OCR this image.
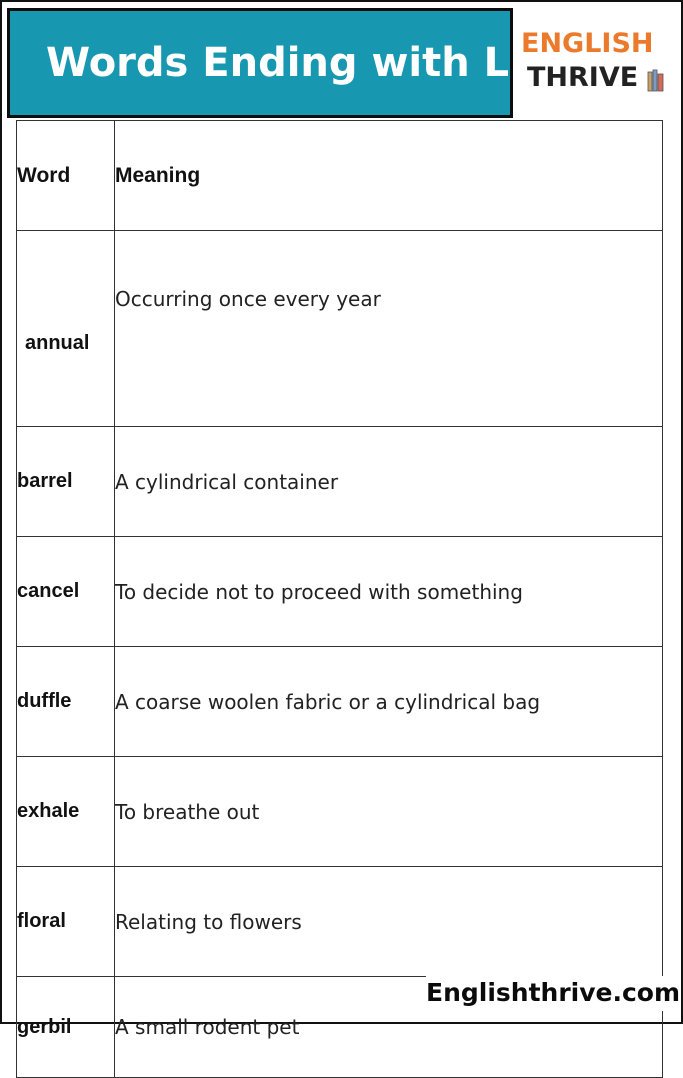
Words Ending with L ENGLISH
THRIVE
Word	Meaning
annual	Occurring once every year
barrel	A cylindrical container
cancel	To decide not to proceed with something
duffle	A coarse woolen fabric or a cylindrical bag
exhale	To breathe out
floral	Relating to flowers
gerbil	A small rodent pet
Englishthrive.com
